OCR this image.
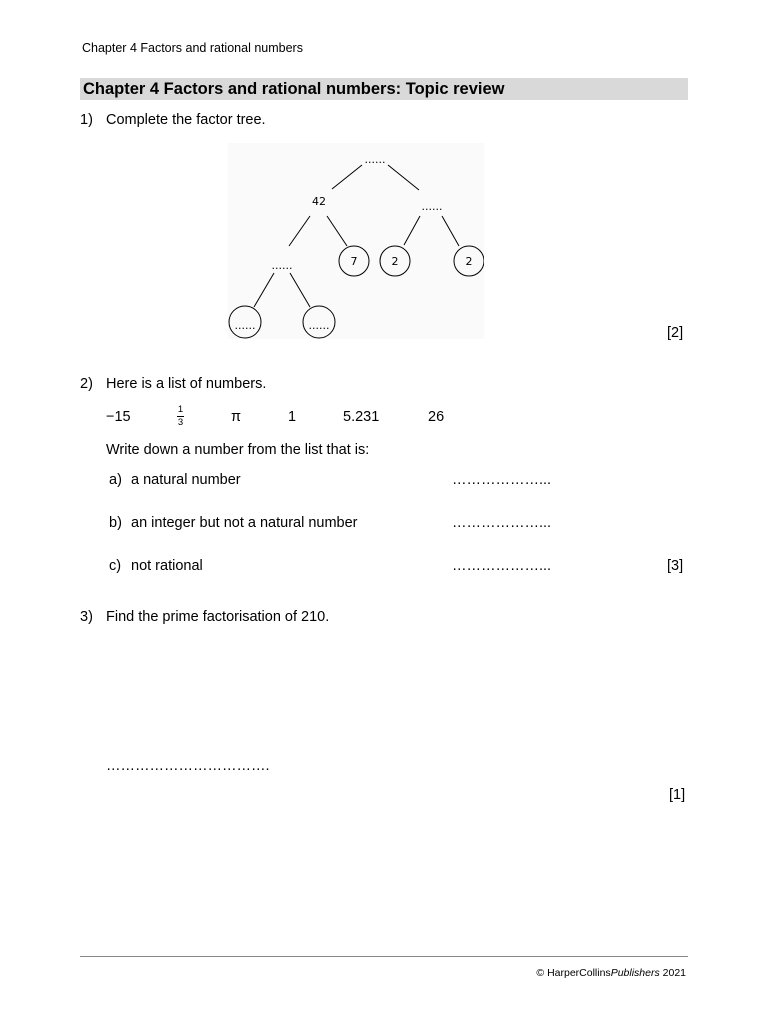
Chapter 4 Factors and rational numbers
Chapter 4 Factors and rational numbers: Topic review
1) Complete the factor tree.
......
42	......
......	7	2	2
......	......	[2]
2) Here is a list of numbers.
−15	1
3	π	1	5.231	26
Write down a number from the list that is:
a) a natural number	………………...
b) an integer but not a natural number	………………...
c) not rational	………………...	[3]
3) Find the prime factorisation of 210.
…………………………….
[1]
© HarperCollinsPublishers 2021
